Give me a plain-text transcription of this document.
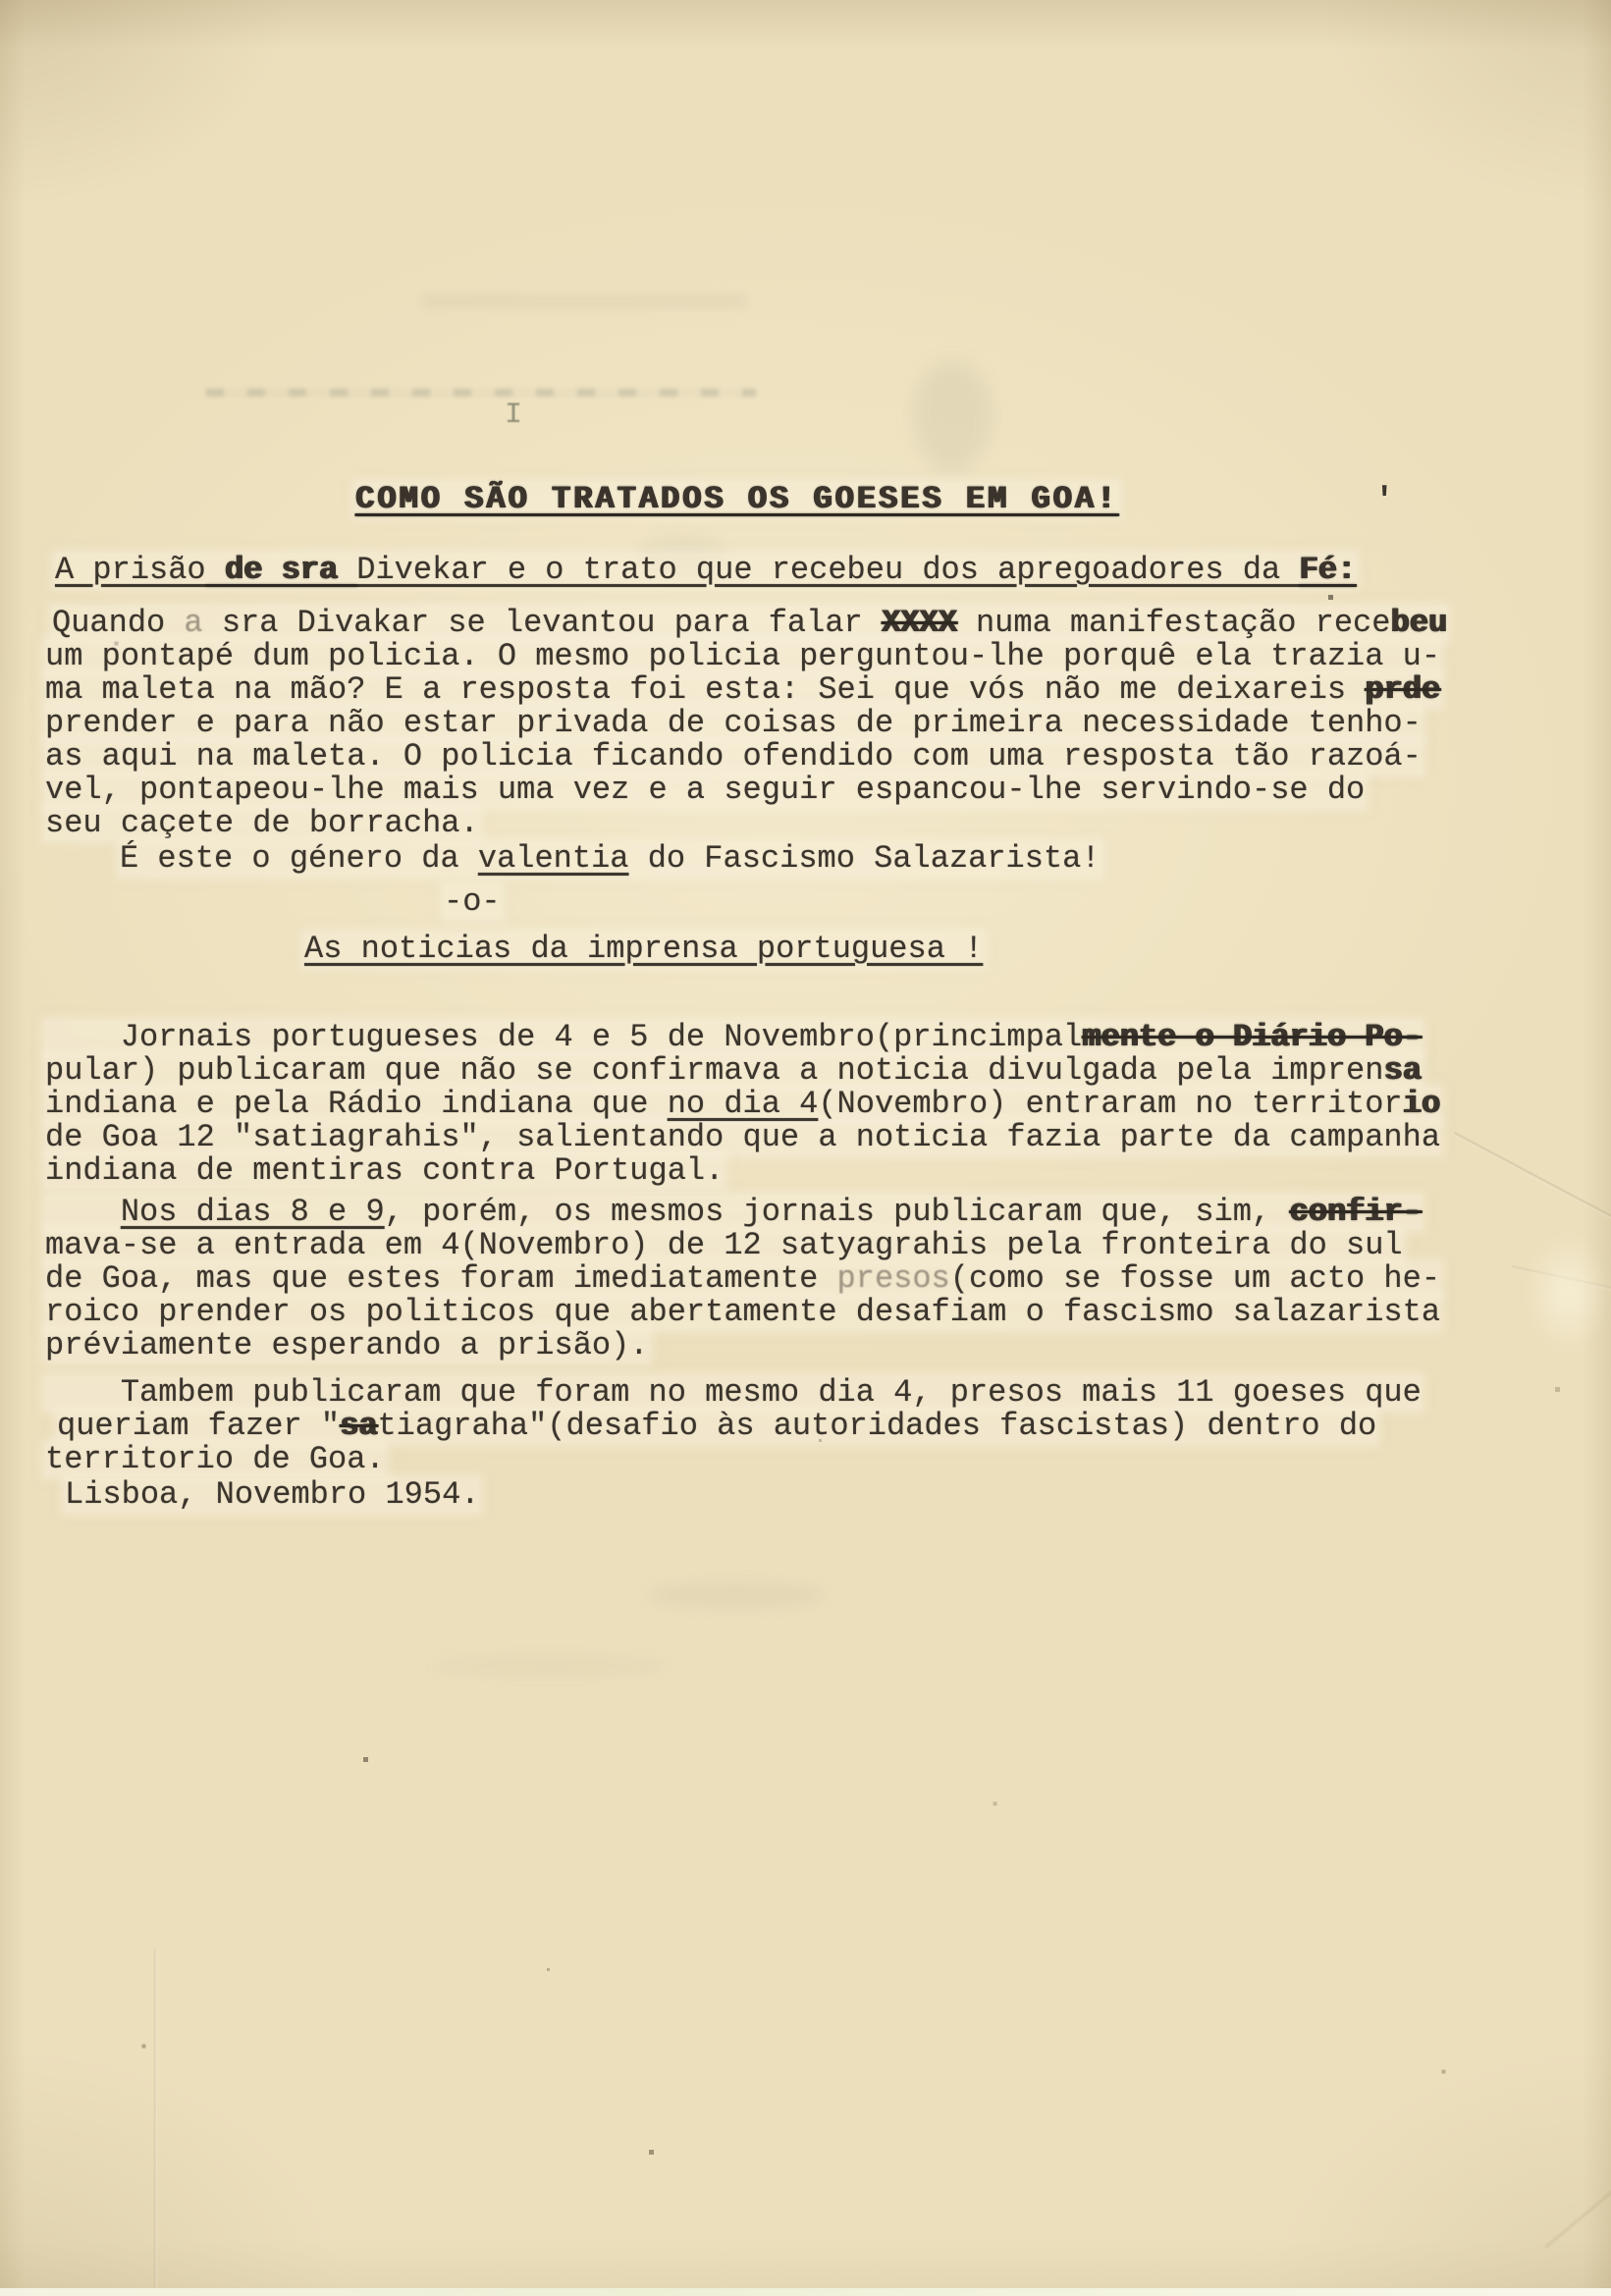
I
COMO SÃO TRATADOS OS GOESES EM GOA!	'
A prisão de sra Divekar e o trato que recebeu dos apregoadores da Fé:
Quando a sra Divakar se levantou para falar XXXX numa manifestação recebeu
um pontapé dum policia. O mesmo policia perguntou-lhe porquê ela trazia u-
ma maleta na mão? E a resposta foi esta: Sei que vós não me deixareis prde
prender e para não estar privada de coisas de primeira necessidade tenho-
as aqui na maleta. O policia ficando ofendido com uma resposta tão razoá-
vel, pontapeou-lhe mais uma vez e a seguir espancou-lhe servindo-se do
seu caçete de borracha.
É este o género da valentia do Fascismo Salazarista!
-o-
As noticias da imprensa portuguesa !
Jornais portugueses de 4 e 5 de Novembro(princimpalmente o Diário Po-
pular) publicaram que não se confirmava a noticia divulgada pela imprensa
indiana e pela Rádio indiana que no dia 4(Novembro) entraram no territorio
de Goa 12 "satiagrahis", salientando que a noticia fazia parte da campanha
indiana de mentiras contra Portugal.
Nos dias 8 e 9, porém, os mesmos jornais publicaram que, sim, confir-
mava-se a entrada em 4(Novembro) de 12 satyagrahis pela fronteira do sul
de Goa, mas que estes foram imediatamente presos(como se fosse um acto he-
roico prender os politicos que abertamente desafiam o fascismo salazarista
préviamente esperando a prisão).
Tambem publicaram que foram no mesmo dia 4, presos mais 11 goeses que
queriam fazer "satiagraha"(desafio às autoridades fascistas) dentro do
territorio de Goa.
Lisboa, Novembro 1954.
